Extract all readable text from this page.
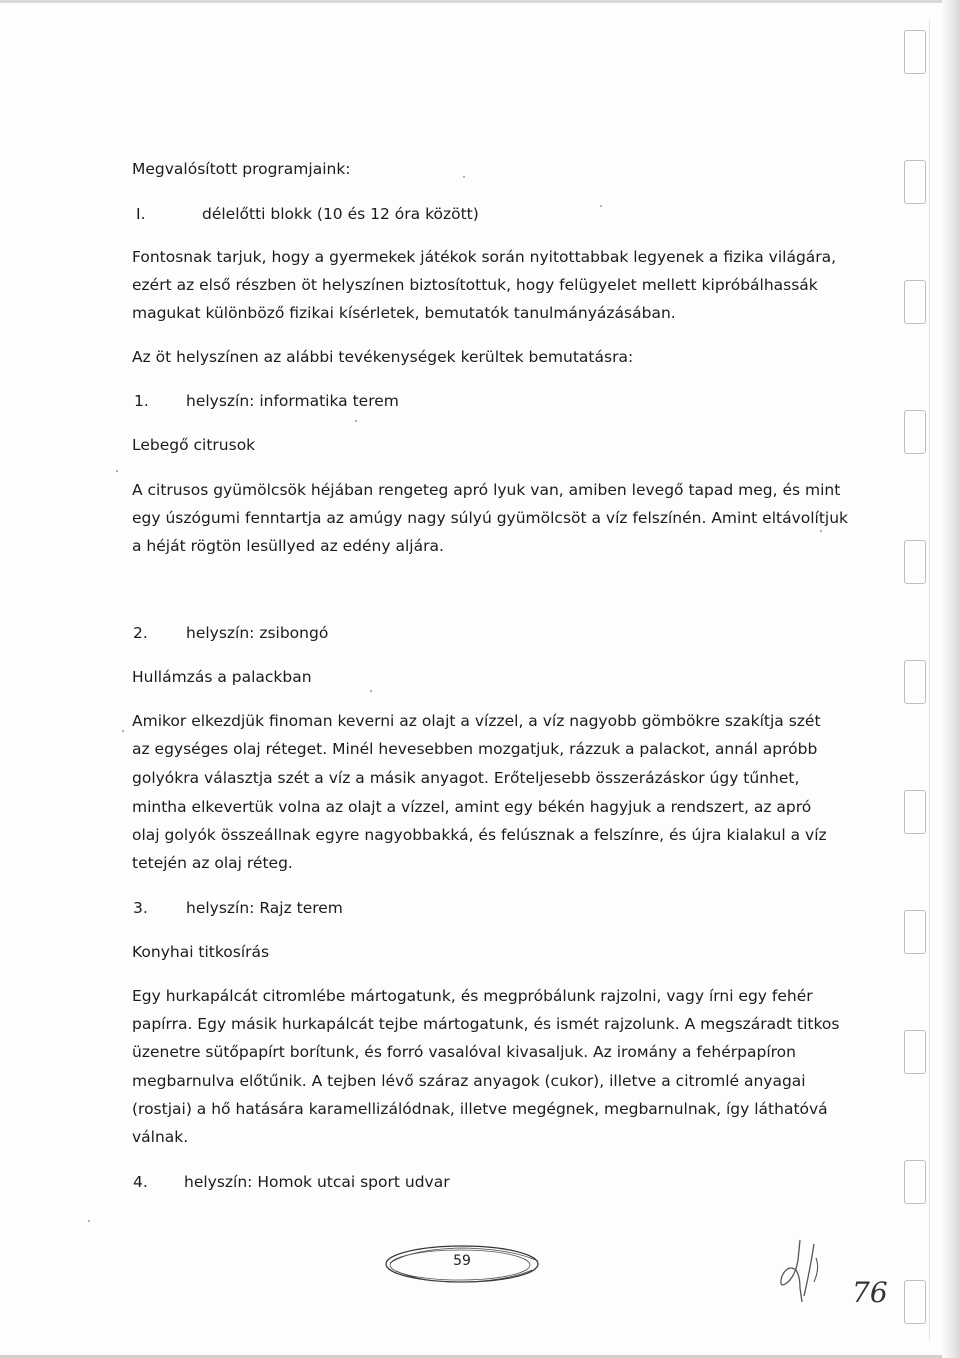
Megvalósított programjaink:
I.	délelőtti blokk (10 és 12 óra között)
Fontosnak tarjuk, hogy a gyermekek játékok során nyitottabbak legyenek a fizika világára,
ezért az első részben öt helyszínen biztosítottuk, hogy felügyelet mellett kipróbálhassák
magukat különböző fizikai kísérletek, bemutatók tanulmányázásában.
Az öt helyszínen az alábbi tevékenységek kerültek bemutatásra:
1. helyszín: informatika terem
Lebegő citrusok
A citrusos gyümölcsök héjában rengeteg apró lyuk van, amiben levegő tapad meg, és mint
egy úszógumi fenntartja az amúgy nagy súlyú gyümölcsöt a víz felszínén. Amint eltávolítjuk
a héját rögtön lesüllyed az edény aljára.
2. helyszín: zsibongó
Hullámzás a palackban
Amikor elkezdjük finoman keverni az olajt a vízzel, a víz nagyobb gömbökre szakítja szét
az egységes olaj réteget. Minél hevesebben mozgatjuk, rázzuk a palackot, annál apróbb
golyókra választja szét a víz a másik anyagot. Erőteljesebb összerázáskor úgy tűnhet,
mintha elkevertük volna az olajt a vízzel, amint egy békén hagyjuk a rendszert, az apró
olaj golyók összeállnak egyre nagyobbakká, és felúsznak a felszínre, és újra kialakul a víz
tetején az olaj réteg.
3. helyszín: Rajz terem
Konyhai titkosírás
Egy hurkapálcát citromlébe mártogatunk, és megpróbálunk rajzolni, vagy írni egy fehér
papírra. Egy másik hurkapálcát tejbe mártogatunk, és ismét rajzolunk. A megszáradt titkos
üzenetre sütőpapírt borítunk, és forró vasalóval kivasaljuk. Az irомány a fehérpapíron
megbarnulva előtűnik. A tejben lévő száraz anyagok (cukor), illetve a citromlé anyagai
(rostjai) a hő hatására karamellizálódnak, illetve megégnek, megbarnulnak, így láthatóvá
válnak.
4. helyszín: Homok utcai sport udvar
59
76
